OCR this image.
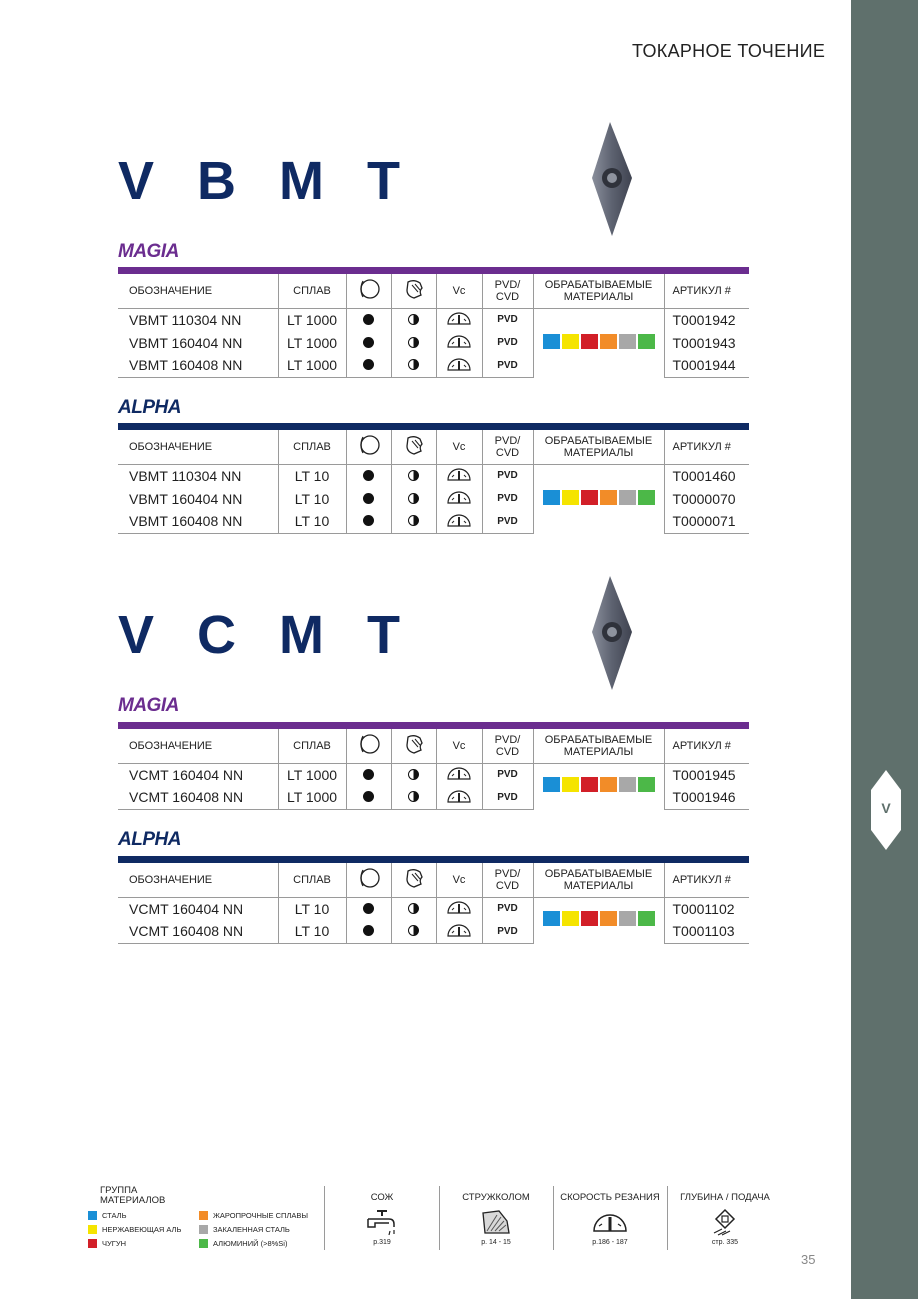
V
ТОКАРНОЕ ТОЧЕНИЕ
V B M T
MAGIA

ОБОЗНАЧЕНИЕ	СПЛАВ			Vc	PVD/ CVD	ОБРАБАТЫВАЕМЫЕ МАТЕРИАЛЫ	АРТИКУЛ #
VBMT 110304 NN	LT 1000				PVD		T0001942
VBMT 160404 NN	LT 1000				PVD		T0001943
VBMT 160408 NN	LT 1000				PVD		T0001944
ALPHA

ОБОЗНАЧЕНИЕ	СПЛАВ			Vc	PVD/ CVD	ОБРАБАТЫВАЕМЫЕ МАТЕРИАЛЫ	АРТИКУЛ #
VBMT 110304 NN	LT 10				PVD		T0001460
VBMT 160404 NN	LT 10				PVD		T0000070
VBMT 160408 NN	LT 10				PVD		T0000071
V C M T
MAGIA

ОБОЗНАЧЕНИЕ	СПЛАВ			Vc	PVD/ CVD	ОБРАБАТЫВАЕМЫЕ МАТЕРИАЛЫ	АРТИКУЛ #
VCMT 160404 NN	LT 1000				PVD		T0001945
VCMT 160408 NN	LT 1000				PVD		T0001946
ALPHA

ОБОЗНАЧЕНИЕ	СПЛАВ			Vc	PVD/ CVD	ОБРАБАТЫВАЕМЫЕ МАТЕРИАЛЫ	АРТИКУЛ #
VCMT 160404 NN	LT 10				PVD		T0001102
VCMT 160408 NN	LT 10				PVD		T0001103
ГРУППА МАТЕРИАЛОВ
СТАЛЬ
НЕРЖАВЕЮЩАЯ АЛЬ
ЧУГУН
ЖАРОПРОЧНЫЕ СПЛАВЫ
ЗАКАЛЕННАЯ СТАЛЬ
АЛЮМИНИЙ (>8%Si)
СОЖ
p.319
СТРУЖКОЛОМ
p. 14 - 15
СКОРОСТЬ РЕЗАНИЯ
p.186 - 187
ГЛУБИНА / ПОДАЧА
стр. 335
35
